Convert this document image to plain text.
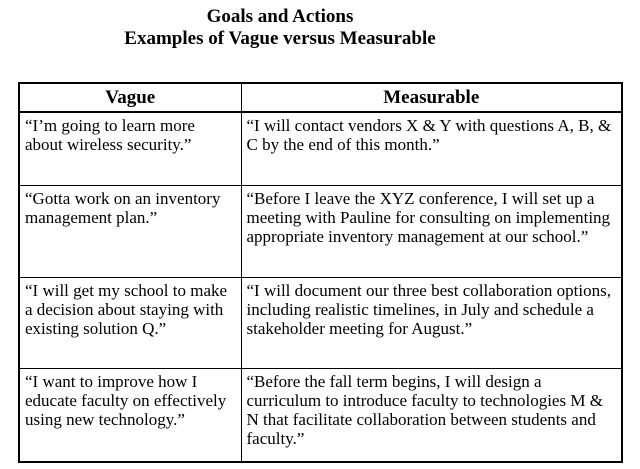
Goals and Actions
Examples of Vague versus Measurable
Vague	Measurable
“I’m going to learn more about wireless security.”	“I will contact vendors X & Y with questions A, B, & C by the end of this month.”
“Gotta work on an inventory management plan.”	“Before I leave the XYZ conference, I will set up a meeting with Pauline for consulting on implementing appropriate inventory management at our school.”
“I will get my school to make a decision about staying with existing solution Q.”	“I will document our three best collaboration options, including realistic timelines, in July and schedule a stakeholder meeting for August.”
“I want to improve how I educate faculty on effectively using new technology.”	“Before the fall term begins, I will design a curriculum to introduce faculty to technologies M & N that facilitate collaboration between students and faculty.”
